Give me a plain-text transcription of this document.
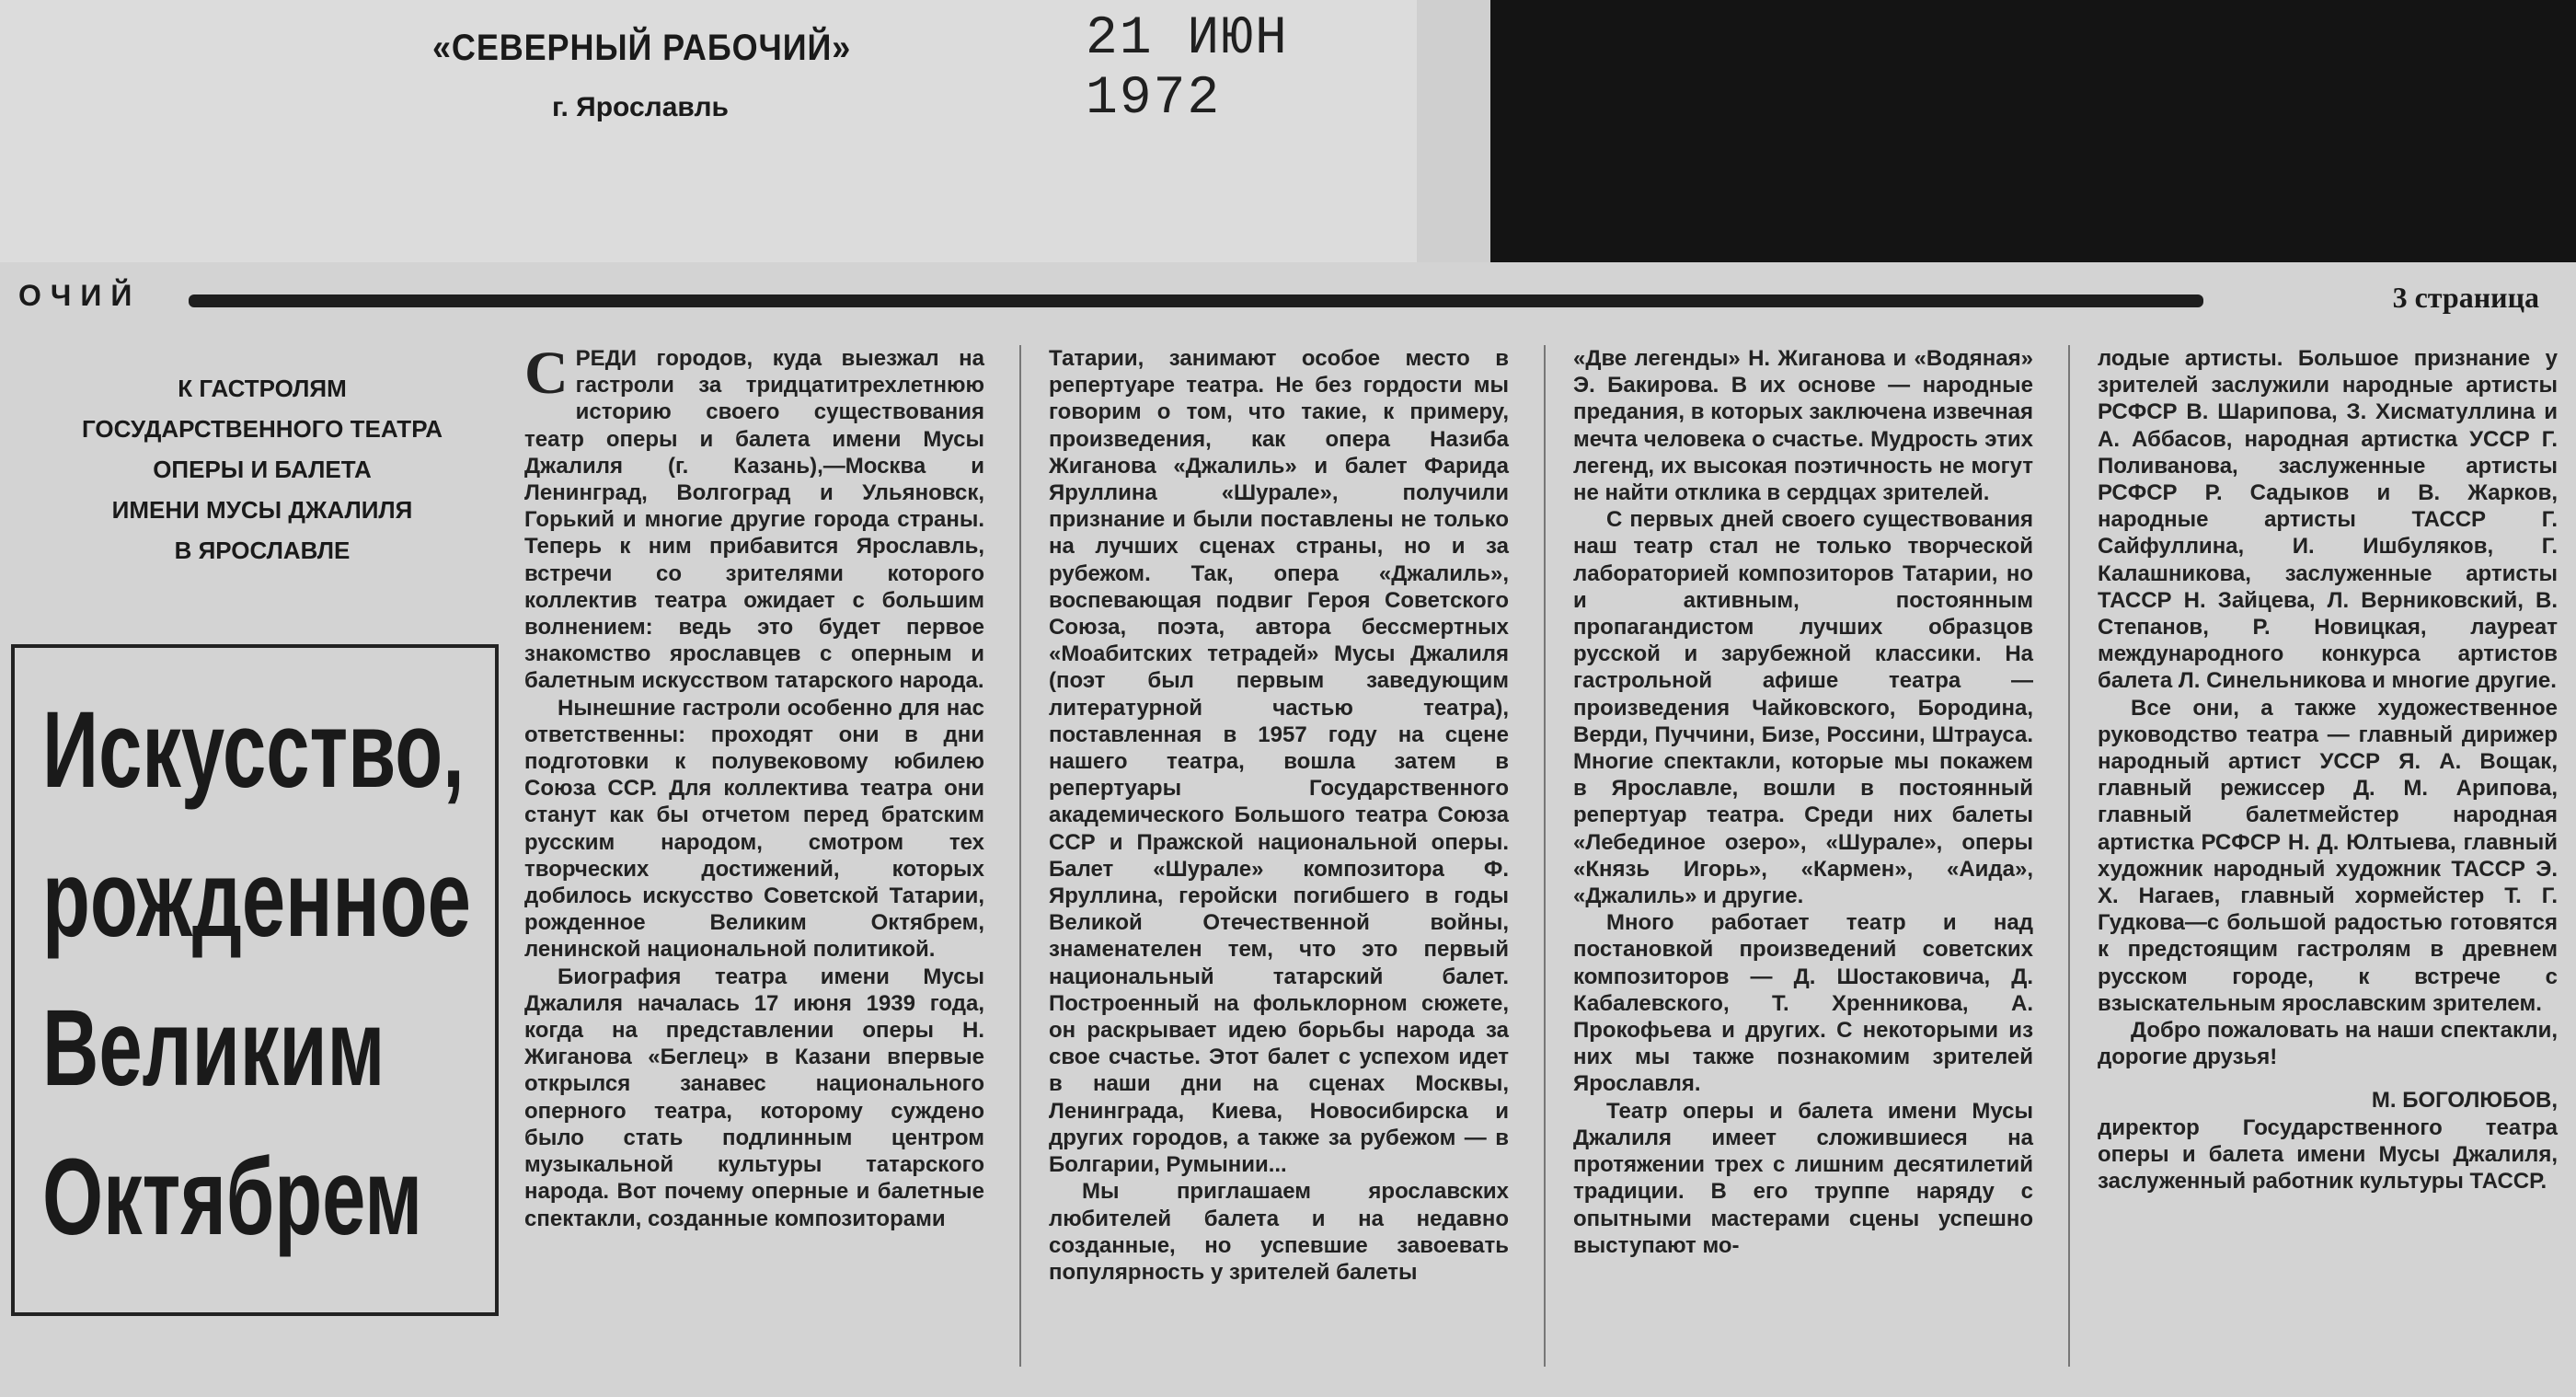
«СЕВЕРНЫЙ РАБОЧИЙ»
г. Ярославль
21 ИЮН 1972
ОЧИЙ	3 страница
К ГАСТРОЛЯМ
ГОСУДАРСТВЕННОГО ТЕАТРА
ОПЕРЫ И БАЛЕТА
ИМЕНИ МУСЫ ДЖАЛИЛЯ
В ЯРОСЛАВЛЕ
Искусство,
рожденное
Великим
Октябрем

СРЕДИ городов, куда выезжал на гастроли за тридцатитрехлетнюю историю своего существования театр оперы и балета имени Мусы Джалиля (г. Казань),—Москва и Ленинград, Волгоград и Ульяновск, Горький и многие другие города страны. Теперь к ним прибавится Ярославль, встречи со зрителями которого коллектив театра ожидает с большим волнением: ведь это будет первое знакомство ярославцев с оперным и балетным искусством татарского народа.

Нынешние гастроли особенно для нас ответственны: проходят они в дни подготовки к полувековому юбилею Союза ССР. Для коллектива театра они станут как бы отчетом перед братским русским народом, смотром тех творческих достижений, которых добилось искусство Советской Татарии, рожденное Великим Октябрем, ленинской национальной политикой.

Биография театра имени Мусы Джалиля началась 17 июня 1939 года, когда на представлении оперы Н. Жиганова «Беглец» в Казани впервые открылся занавес национального оперного театра, которому суждено было стать подлинным центром музыкальной культуры татарского народа. Вот почему оперные и балетные спектакли, созданные композиторами

Татарии, занимают особое место в репертуаре театра. Не без гордости мы говорим о том, что такие, к примеру, произведения, как опера Назиба Жиганова «Джалиль» и балет Фарида Яруллина «Шурале», получили признание и были поставлены не только на лучших сценах страны, но и за рубежом. Так, опера «Джалиль», воспевающая подвиг Героя Советского Союза, поэта, автора бессмертных «Моабитских тетрадей» Мусы Джалиля (поэт был первым заведующим литературной частью театра), поставленная в 1957 году на сцене нашего театра, вошла затем в репертуары Государственного академического Большого театра Союза ССР и Пражской национальной оперы. Балет «Шурале» композитора Ф. Яруллина, геройски погибшего в годы Великой Отечественной войны, знаменателен тем, что это первый национальный татарский балет. Построенный на фольклорном сюжете, он раскрывает идею борьбы народа за свое счастье. Этот балет с успехом идет в наши дни на сценах Москвы, Ленинграда, Киева, Новосибирска и других городов, а также за рубежом — в Болгарии, Румынии...

Мы приглашаем ярославских любителей балета и на недавно созданные, но успевшие завоевать популярность у зрителей балеты

«Две легенды» Н. Жиганова и «Водяная» Э. Бакирова. В их основе — народные предания, в которых заключена извечная мечта человека о счастье. Мудрость этих легенд, их высокая поэтичность не могут не найти отклика в сердцах зрителей.

С первых дней своего существования наш театр стал не только творческой лабораторией композиторов Татарии, но и активным, постоянным пропагандистом лучших образцов русской и зарубежной классики. На гастрольной афише театра — произведения Чайковского, Бородина, Верди, Пуччини, Бизе, Россини, Штрауса. Многие спектакли, которые мы покажем в Ярославле, вошли в постоянный репертуар театра. Среди них балеты «Лебединое озеро», «Шурале», оперы «Князь Игорь», «Кармен», «Аида», «Джалиль» и другие.

Много работает театр и над постановкой произведений советских композиторов — Д. Шостаковича, Д. Кабалевского, Т. Хренникова, А. Прокофьева и других. С некоторыми из них мы также познакомим зрителей Ярославля.

Театр оперы и балета имени Мусы Джалиля имеет сложившиеся на протяжении трех с лишним десятилетий традиции. В его труппе наряду с опытными мастерами сцены успешно выступают мо-

лодые артисты. Большое признание у зрителей заслужили народные артисты РСФСР В. Шарипова, З. Хисматуллина и А. Аббасов, народная артистка УССР Г. Поливанова, заслуженные артисты РСФСР Р. Садыков и В. Жарков, народные артисты ТАССР Г. Сайфуллина, И. Ишбуляков, Г. Калашникова, заслуженные артисты ТАССР Н. Зайцева, Л. Верниковский, В. Степанов, Р. Новицкая, лауреат международного конкурса артистов балета Л. Синельникова и многие другие.

Все они, а также художественное руководство театра — главный дирижер народный артист УССР Я. А. Вощак, главный режиссер Д. М. Арипова, главный балетмейстер народная артистка РСФСР Н. Д. Юлтыева, главный художник народный художник ТАССР Э. Х. Нагаев, главный хормейстер Т. Г. Гудкова—с большой радостью готовятся к предстоящим гастролям в древнем русском городе, к встрече с взыскательным ярославским зрителем.

Добро пожаловать на наши спектакли, дорогие друзья!

М. БОГОЛЮБОВ,
директор Государственного театра оперы и балета имени Мусы Джалиля, заслуженный работник культуры ТАССР.
